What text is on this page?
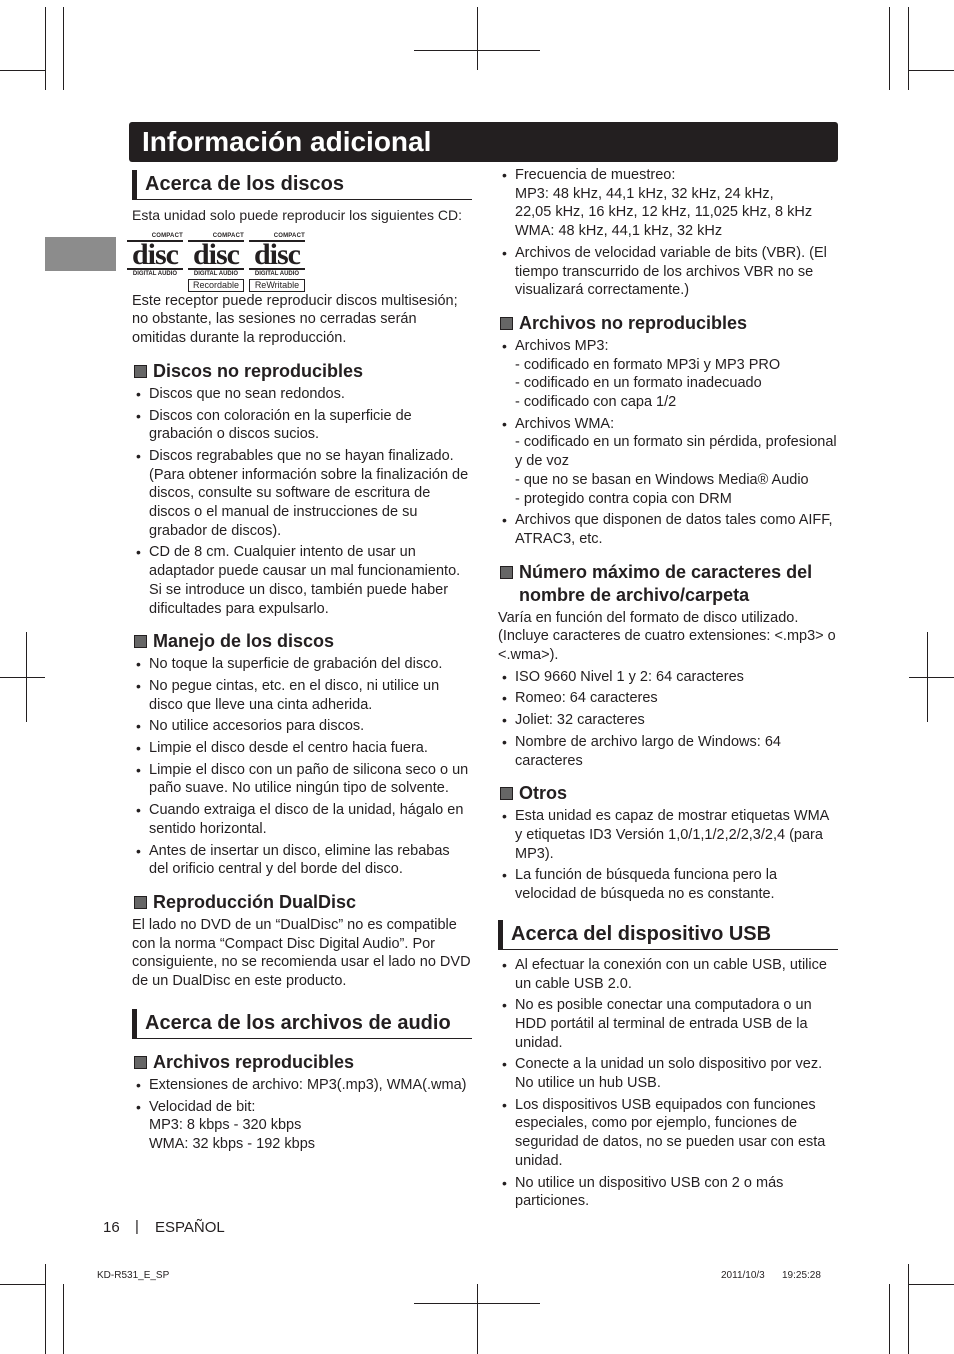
Información adicional
Acerca de los discos

Esta unidad solo puede reproducir los siguientes CD:

COMPACT
disc
DIGITAL AUDIO
COMPACT
disc
DIGITAL AUDIO
Recordable
COMPACT
disc
DIGITAL AUDIO
ReWritable

Este receptor puede reproducir discos multisesión; no obstante, las sesiones no cerradas serán omitidas durante la reproducción.

Discos no reproducibles
• Discos que no sean redondos.
• Discos con coloración en la superficie de grabación o discos sucios.
• Discos regrabables que no se hayan finalizado. (Para obtener información sobre la finalización de discos, consulte su software de escritura de discos o el manual de instrucciones de su grabador de discos).
• CD de 8 cm. Cualquier intento de usar un adaptador puede causar un mal funcionamiento. Si se introduce un disco, también puede haber dificultades para expulsarlo.
Manejo de los discos
• No toque la superficie de grabación del disco.
• No pegue cintas, etc. en el disco, ni utilice un disco que lleve una cinta adherida.
• No utilice accesorios para discos.
• Limpie el disco desde el centro hacia fuera.
• Limpie el disco con un paño de silicona seco o un paño suave. No utilice ningún tipo de solvente.
• Cuando extraiga el disco de la unidad, hágalo en sentido horizontal.
• Antes de insertar un disco, elimine las rebabas del orificio central y del borde del disco.
Reproducción DualDisc

El lado no DVD de un “DualDisc” no es compatible con la norma “Compact Disc Digital Audio”. Por consiguiente, no se recomienda usar el lado no DVD de un DualDisc en este producto.

Acerca de los archivos de audio
Archivos reproducibles
• Extensiones de archivo: MP3(.mp3), WMA(.wma)
• Velocidad de bit:
MP3: 8 kbps - 320 kbps
WMA: 32 kbps - 192 kbps
• Frecuencia de muestreo:
MP3: 48 kHz, 44,1 kHz, 32 kHz, 24 kHz,
22,05 kHz, 16 kHz, 12 kHz, 11,025 kHz, 8 kHz
WMA: 48 kHz, 44,1 kHz, 32 kHz
• Archivos de velocidad variable de bits (VBR). (El tiempo transcurrido de los archivos VBR no se visualizará correctamente.)
Archivos no reproducibles
• Archivos MP3:
- codificado en formato MP3i y MP3 PRO
- codificado en un formato inadecuado
- codificado con capa 1/2
• Archivos WMA:
- codificado en un formato sin pérdida, profesional y de voz
- que no se basan en Windows Media® Audio
- protegido contra copia con DRM
• Archivos que disponen de datos tales como AIFF, ATRAC3, etc.
Número máximo de caracteres del nombre de archivo/carpeta

Varía en función del formato de disco utilizado. (Incluye caracteres de cuatro extensiones: <.mp3> o <.wma>).

• ISO 9660 Nivel 1 y 2: 64 caracteres
• Romeo: 64 caracteres
• Joliet: 32 caracteres
• Nombre de archivo largo de Windows: 64 caracteres
Otros
• Esta unidad es capaz de mostrar etiquetas WMA y etiquetas ID3 Versión 1,0/1,1/2,2/2,3/2,4 (para MP3).
• La función de búsqueda funciona pero la velocidad de búsqueda no es constante.
Acerca del dispositivo USB
• Al efectuar la conexión con un cable USB, utilice un cable USB 2.0.
• No es posible conectar una computadora o un HDD portátil al terminal de entrada USB de la unidad.
• Conecte a la unidad un solo dispositivo por vez. No utilice un hub USB.
• Los dispositivos USB equipados con funciones especiales, como por ejemplo, funciones de seguridad de datos, no se pueden usar con esta unidad.
• No utilice un dispositivo USB con 2 o más particiones.
16 | ESPAÑOL
KD-R531_E_SP	2011/10/3 19:25:28
